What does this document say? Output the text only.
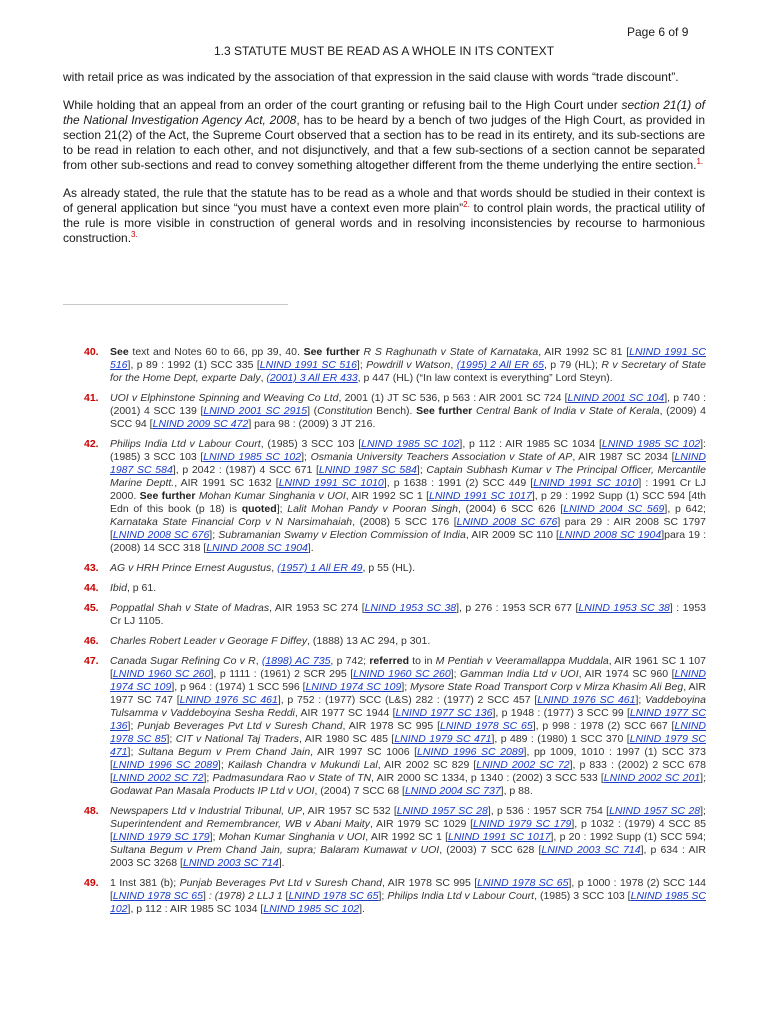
Page 6 of 9
1.3 STATUTE MUST BE READ AS A WHOLE IN ITS CONTEXT

with retail price as was indicated by the association of that expression in the said clause with words “trade discount”.

While holding that an appeal from an order of the court granting or refusing bail to the High Court under section 21(1) of the National Investigation Agency Act, 2008, has to be heard by a bench of two judges of the High Court, as provided in section 21(2) of the Act, the Supreme Court observed that a section has to be read in its entirety, and its sub-sections are to be read in relation to each other, and not disjunctively, and that a few sub-sections of a section cannot be separated from other sub-sections and read to convey something altogether different from the theme underlying the entire section.$^{1.}$

As already stated, the rule that the statute has to be read as a whole and that words should be studied in their context is of general application but since “you must have a context even more plain”$^{2.}$ to control plain words, the practical utility of the rule is more visible in construction of general words and in resolving inconsistencies by recourse to harmonious construction.$^{3.}$

40. See text and Notes 60 to 66, pp 39, 40. See further R S Raghunath v State of Karnataka, AIR 1992 SC 81 [LNIND 1991 SC 516], p 89 : 1992 (1) SCC 335 [LNIND 1991 SC 516]; Powdrill v Watson, (1995) 2 All ER 65, p 79 (HL); R v Secretary of State for the Home Dept, exparte Daly, (2001) 3 All ER 433, p 447 (HL) (“In law context is everything” Lord Steyn).
41. UOI v Elphinstone Spinning and Weaving Co Ltd, 2001 (1) JT SC 536, p 563 : AIR 2001 SC 724 [LNIND 2001 SC 104], p 740 : (2001) 4 SCC 139 [LNIND 2001 SC 2915] (Constitution Bench). See further Central Bank of India v State of Kerala, (2009) 4 SCC 94 [LNIND 2009 SC 472] para 98 : (2009) 3 JT 216.
42. Philips India Ltd v Labour Court, (1985) 3 SCC 103 [LNIND 1985 SC 102], p 112 : AIR 1985 SC 1034 [LNIND 1985 SC 102]: (1985) 3 SCC 103 [LNIND 1985 SC 102]; Osmania University Teachers Association v State of AP, AIR 1987 SC 2034 [LNIND 1987 SC 584], p 2042 : (1987) 4 SCC 671 [LNIND 1987 SC 584]; Captain Subhash Kumar v The Principal Officer, Mercantile Marine Deptt., AIR 1991 SC 1632 [LNIND 1991 SC 1010], p 1638 : 1991 (2) SCC 449 [LNIND 1991 SC 1010] : 1991 Cr LJ 2000. See further Mohan Kumar Singhania v UOI, AIR 1992 SC 1 [LNIND 1991 SC 1017], p 29 : 1992 Supp (1) SCC 594 [4th Edn of this book (p 18) is quoted]; Lalit Mohan Pandy v Pooran Singh, (2004) 6 SCC 626 [LNIND 2004 SC 569], p 642; Karnataka State Financial Corp v N Narsimahaiah, (2008) 5 SCC 176 [LNIND 2008 SC 676] para 29 : AIR 2008 SC 1797 [LNIND 2008 SC 676]; Subramanian Swamy v Election Commission of India, AIR 2009 SC 110 [LNIND 2008 SC 1904]para 19 : (2008) 14 SCC 318 [LNIND 2008 SC 1904].
43. AG v HRH Prince Ernest Augustus, (1957) 1 All ER 49, p 55 (HL).
44. Ibid, p 61.
45. Poppatlal Shah v State of Madras, AIR 1953 SC 274 [LNIND 1953 SC 38], p 276 : 1953 SCR 677 [LNIND 1953 SC 38] : 1953 Cr LJ 1105.
46. Charles Robert Leader v Georage F Diffey, (1888) 13 AC 294, p 301.
47. Canada Sugar Refining Co v R, (1898) AC 735, p 742; referred to in M Pentiah v Veeramallappa Muddala, AIR 1961 SC 1 107 [LNIND 1960 SC 260], p 1111 : (1961) 2 SCR 295 [LNIND 1960 SC 260]; Gamman India Ltd v UOI, AIR 1974 SC 960 [LNIND 1974 SC 109], p 964 : (1974) 1 SCC 596 [LNIND 1974 SC 109]; Mysore State Road Transport Corp v Mirza Khasim Ali Beg, AIR 1977 SC 747 [LNIND 1976 SC 461], p 752 : (1977) SCC (L&S) 282 : (1977) 2 SCC 457 [LNIND 1976 SC 461]; Vaddeboyina Tulsamma v Vaddeboyina Sesha Reddi, AIR 1977 SC 1944 [LNIND 1977 SC 136], p 1948 : (1977) 3 SCC 99 [LNIND 1977 SC 136]; Punjab Beverages Pvt Ltd v Suresh Chand, AIR 1978 SC 995 [LNIND 1978 SC 65], p 998 : 1978 (2) SCC 667 [LNIND 1978 SC 85]; CIT v National Taj Traders, AIR 1980 SC 485 [LNIND 1979 SC 471], p 489 : (1980) 1 SCC 370 [LNIND 1979 SC 471]; Sultana Begum v Prem Chand Jain, AIR 1997 SC 1006 [LNIND 1996 SC 2089], pp 1009, 1010 : 1997 (1) SCC 373 [LNIND 1996 SC 2089]; Kailash Chandra v Mukundi Lal, AIR 2002 SC 829 [LNIND 2002 SC 72], p 833 : (2002) 2 SCC 678 [LNIND 2002 SC 72]; Padmasundara Rao v State of TN, AIR 2000 SC 1334, p 1340 : (2002) 3 SCC 533 [LNIND 2002 SC 201]; Godawat Pan Masala Products IP Ltd v UOI, (2004) 7 SCC 68 [LNIND 2004 SC 737], p 88.
48. Newspapers Ltd v Industrial Tribunal, UP, AIR 1957 SC 532 [LNIND 1957 SC 28], p 536 : 1957 SCR 754 [LNIND 1957 SC 28]; Superintendent and Remembrancer, WB v Abani Maity, AIR 1979 SC 1029 [LNIND 1979 SC 179], p 1032 : (1979) 4 SCC 85 [LNIND 1979 SC 179]; Mohan Kumar Singhania v UOI, AIR 1992 SC 1 [LNIND 1991 SC 1017], p 20 : 1992 Supp (1) SCC 594; Sultana Begum v Prem Chand Jain, supra; Balaram Kumawat v UOI, (2003) 7 SCC 628 [LNIND 2003 SC 714], p 634 : AIR 2003 SC 3268 [LNIND 2003 SC 714].
49. 1 Inst 381 (b); Punjab Beverages Pvt Ltd v Suresh Chand, AIR 1978 SC 995 [LNIND 1978 SC 65], p 1000 : 1978 (2) SCC 144 [LNIND 1978 SC 65] : (1978) 2 LLJ 1 [LNIND 1978 SC 65]; Philips India Ltd v Labour Court, (1985) 3 SCC 103 [LNIND 1985 SC 102], p 112 : AIR 1985 SC 1034 [LNIND 1985 SC 102].
